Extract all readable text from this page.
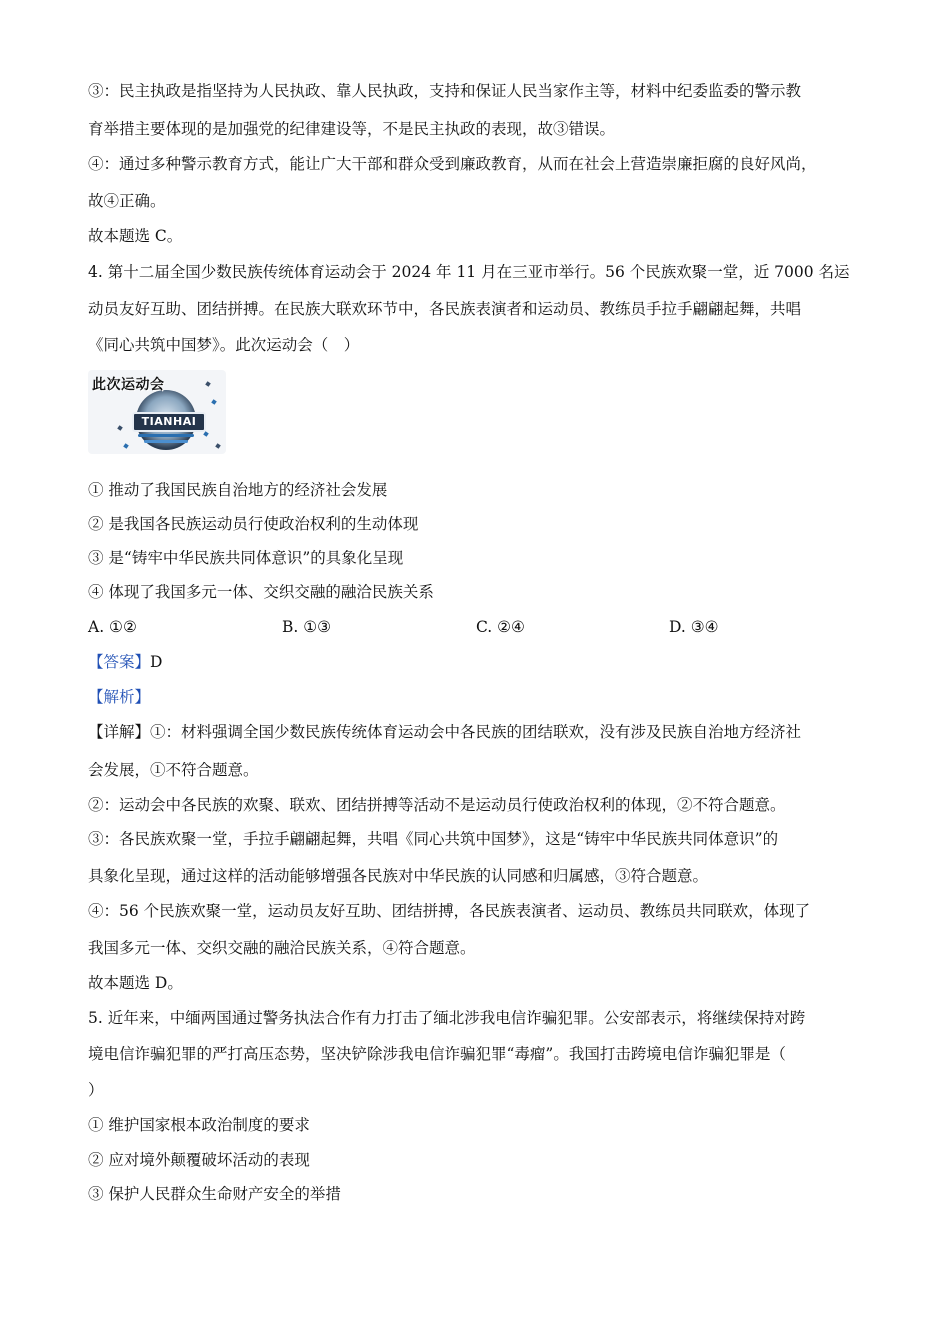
③：民主执政是指坚持为人民执政、靠人民执政，支持和保证人民当家作主等，材料中纪委监委的警示教
育举措主要体现的是加强党的纪律建设等，不是民主执政的表现，故③错误。
④：通过多种警示教育方式，能让广大干部和群众受到廉政教育，从而在社会上营造崇廉拒腐的良好风尚，
故④正确。
故本题选 C。
4. 第十二届全国少数民族传统体育运动会于 2024 年 11 月在三亚市举行。56 个民族欢聚一堂，近 7000 名运
动员友好互助、团结拼搏。在民族大联欢环节中，各民族表演者和运动员、教练员手拉手翩翩起舞，共唱
《同心共筑中国梦》。此次运动会（　）
TIANHAI
此次运动会
① 推动了我国民族自治地方的经济社会发展
② 是我国各民族运动员行使政治权利的生动体现
③ 是“铸牢中华民族共同体意识”的具象化呈现
④ 体现了我国多元一体、交织交融的融洽民族关系
A. ①②	B. ①③	C. ②④	D. ③④
【答案】D
【解析】
【详解】①：材料强调全国少数民族传统体育运动会中各民族的团结联欢，没有涉及民族自治地方经济社
会发展，①不符合题意。
②：运动会中各民族的欢聚、联欢、团结拼搏等活动不是运动员行使政治权利的体现，②不符合题意。
③：各民族欢聚一堂，手拉手翩翩起舞，共唱《同心共筑中国梦》，这是“铸牢中华民族共同体意识”的
具象化呈现，通过这样的活动能够增强各民族对中华民族的认同感和归属感，③符合题意。
④：56 个民族欢聚一堂，运动员友好互助、团结拼搏，各民族表演者、运动员、教练员共同联欢，体现了
我国多元一体、交织交融的融洽民族关系，④符合题意。
故本题选 D。
5. 近年来，中缅两国通过警务执法合作有力打击了缅北涉我电信诈骗犯罪。公安部表示，将继续保持对跨
境电信诈骗犯罪的严打高压态势，坚决铲除涉我电信诈骗犯罪“毒瘤”。我国打击跨境电信诈骗犯罪是（
）
① 维护国家根本政治制度的要求
② 应对境外颠覆破坏活动的表现
③ 保护人民群众生命财产安全的举措
